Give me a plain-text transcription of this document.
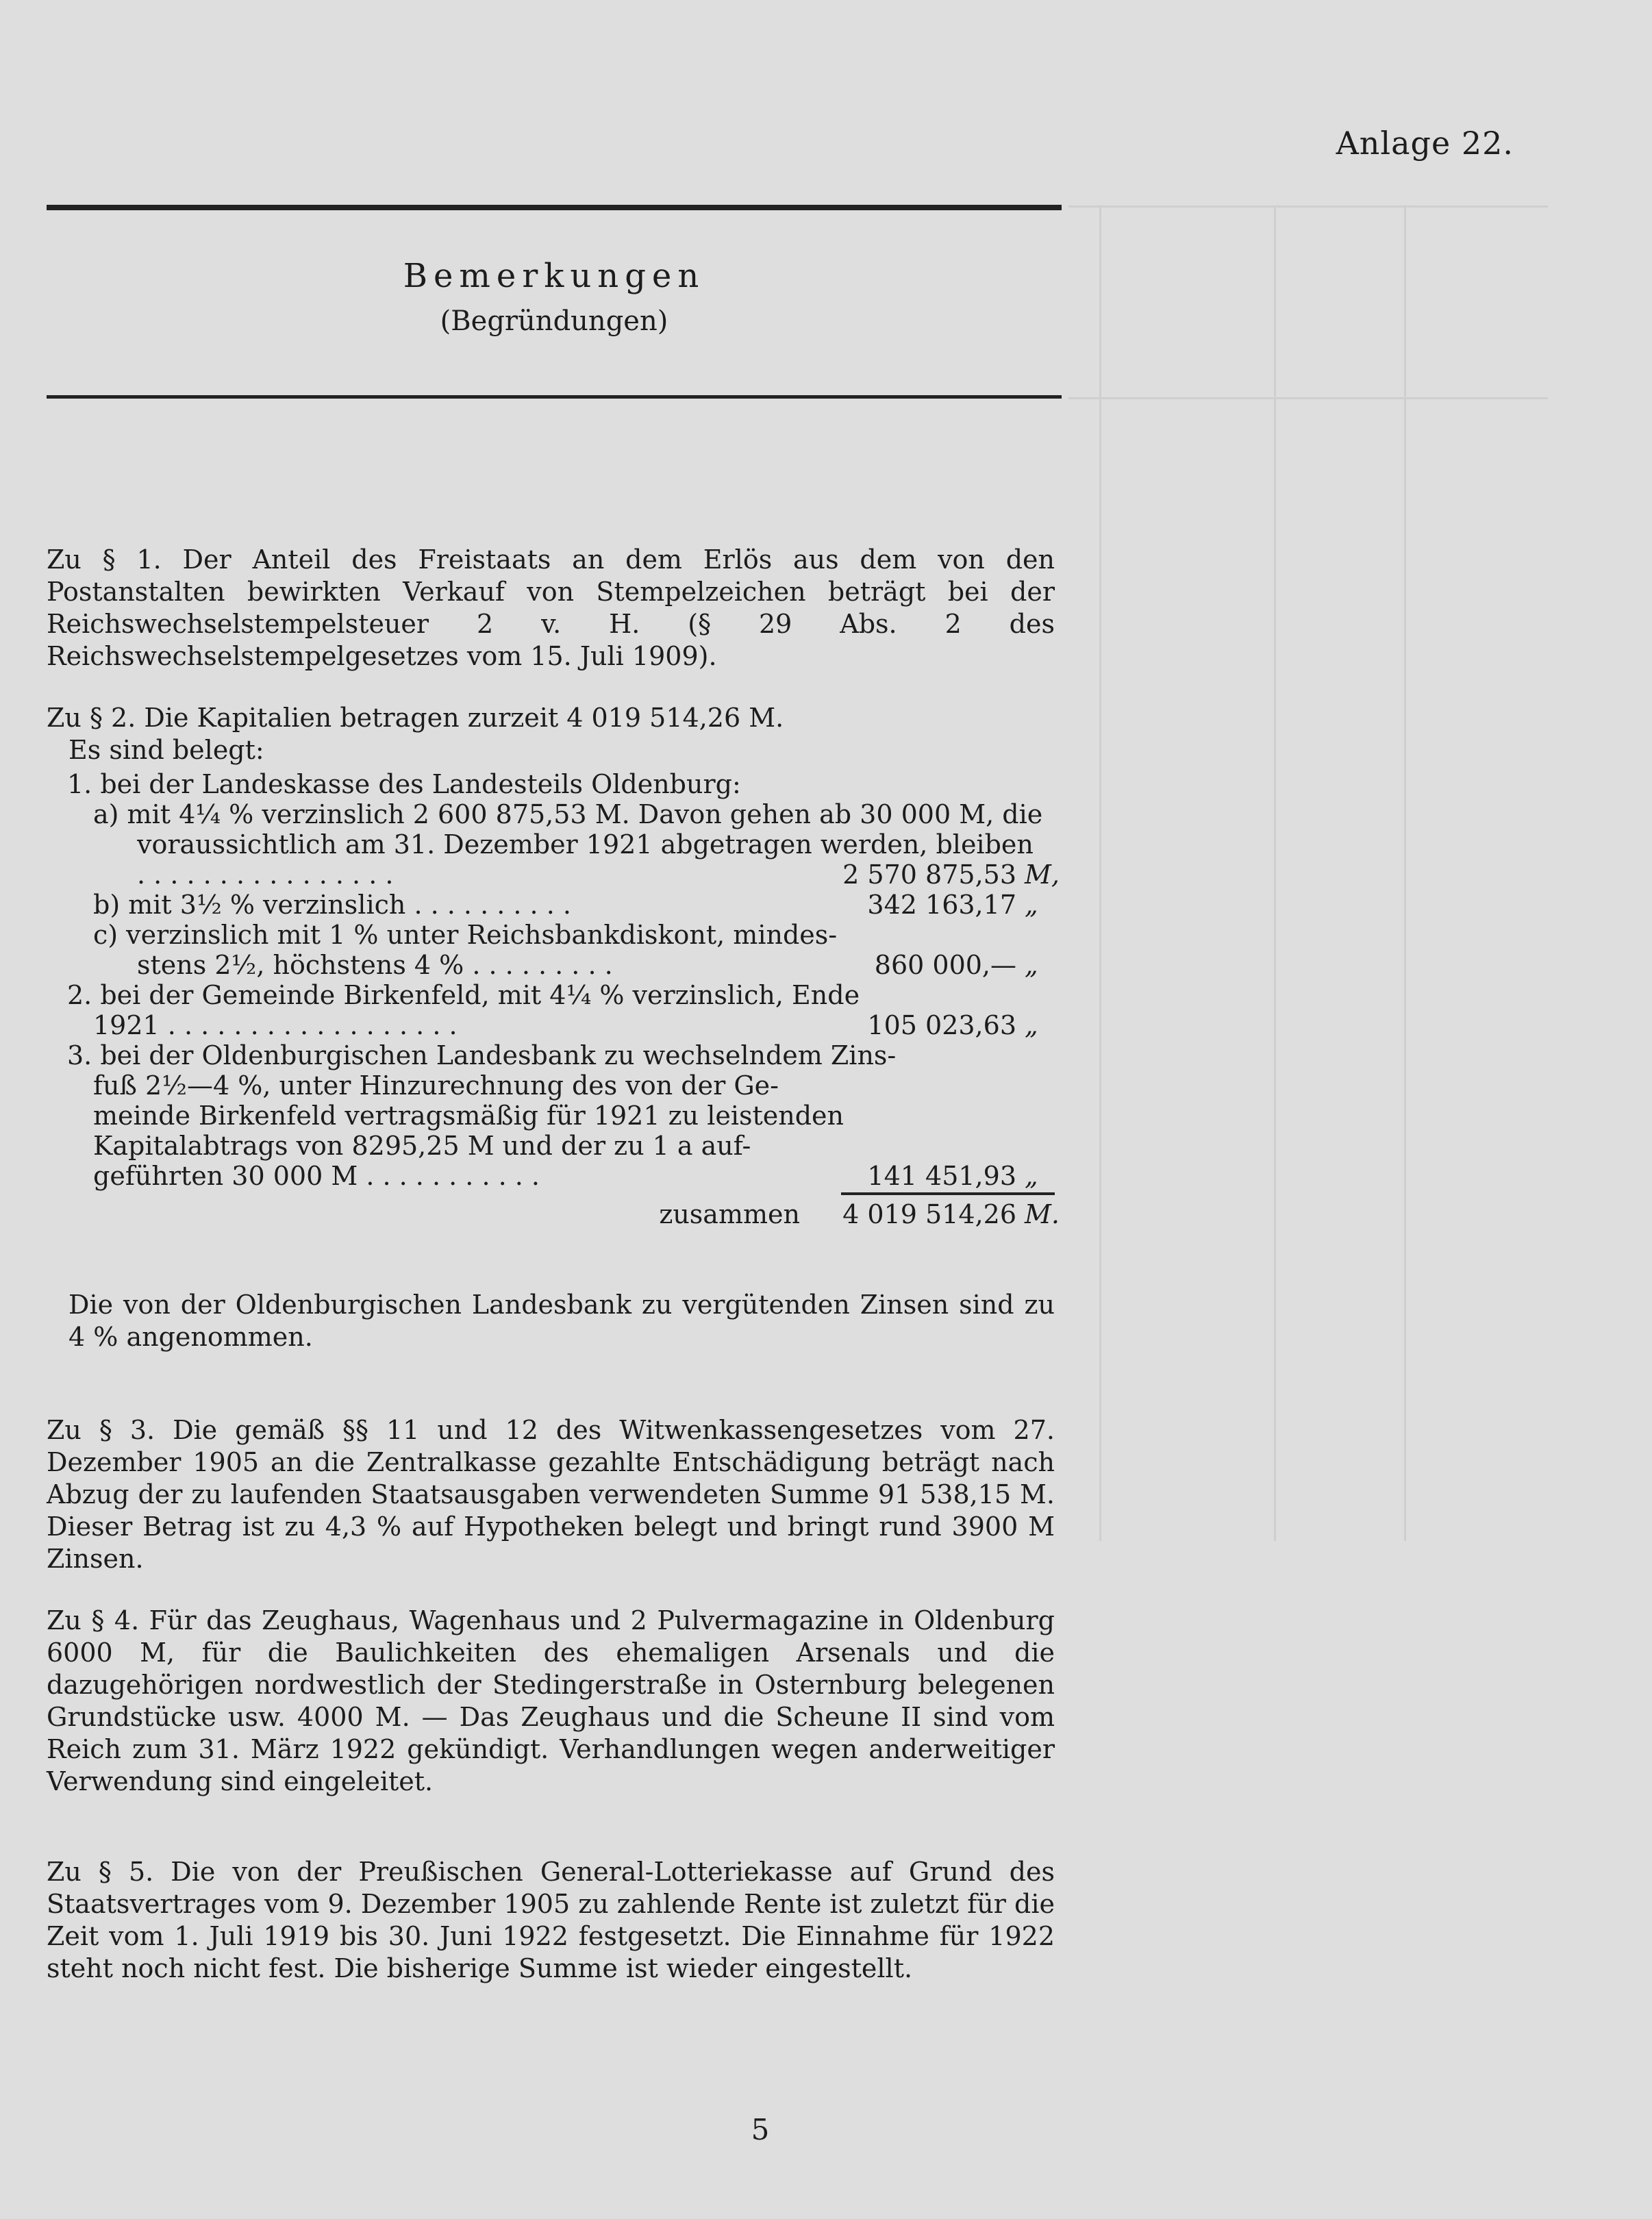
Anlage 22.
Bemerkungen
(Begründungen)

Zu § 1. Der Anteil des Freistaats an dem Erlös aus dem von den Postanstalten bewirkten Verkauf von Stempelzeichen beträgt bei der Reichswechselstempelsteuer 2 v. H. (§ 29 Abs. 2 des Reichswechselstempelgesetzes vom 15. Juli 1909).

Zu § 2. Die Kapitalien betragen zurzeit 4 019 514,26 M.

Es sind belegt:

1. bei der Landeskasse des Landesteils Oldenburg:
a) mit 4¼ % verzinslich 2 600 875,53 M. Davon gehen ab 30 000 M, die
voraussichtlich am 31. Dezember 1921 abgetragen werden, bleiben
. . . . . . . . . . . . . . . .	2 570 875,53 M,
b) mit 3½ % verzinslich . . . . . . . . . .	342 163,17 „
c) verzinslich mit 1 % unter Reichsbankdiskont, mindes-
stens 2½, höchstens 4 % . . . . . . . . .	860 000,— „
2. bei der Gemeinde Birkenfeld, mit 4¼ % verzinslich, Ende
1921 . . . . . . . . . . . . . . . . . .	105 023,63 „
3. bei der Oldenburgischen Landesbank zu wechselndem Zins-
fuß 2½—4 %, unter Hinzurechnung des von der Ge-
meinde Birkenfeld vertragsmäßig für 1921 zu leistenden
Kapitalabtrags von 8295,25 M und der zu 1 a auf-
geführten 30 000 M . . . . . . . . . . .	141 451,93 „
zusammen	4 019 514,26 M.

Die von der Oldenburgischen Landesbank zu vergütenden Zinsen sind zu 4 % angenommen.

Zu § 3. Die gemäß §§ 11 und 12 des Witwenkassengesetzes vom 27. Dezember 1905 an die Zentralkasse gezahlte Entschädigung beträgt nach Abzug der zu laufenden Staatsausgaben verwendeten Summe 91 538,15 M. Dieser Betrag ist zu 4,3 % auf Hypotheken belegt und bringt rund 3900 M Zinsen.

Zu § 4. Für das Zeughaus, Wagenhaus und 2 Pulvermagazine in Oldenburg 6000 M, für die Baulichkeiten des ehemaligen Arsenals und die dazugehörigen nordwestlich der Stedingerstraße in Osternburg belegenen Grundstücke usw. 4000 M. — Das Zeughaus und die Scheune II sind vom Reich zum 31. März 1922 gekündigt. Verhandlungen wegen anderweitiger Verwendung sind eingeleitet.

Zu § 5. Die von der Preußischen General-Lotteriekasse auf Grund des Staatsvertrages vom 9. Dezember 1905 zu zahlende Rente ist zuletzt für die Zeit vom 1. Juli 1919 bis 30. Juni 1922 festgesetzt. Die Einnahme für 1922 steht noch nicht fest. Die bisherige Summe ist wieder eingestellt.

5
